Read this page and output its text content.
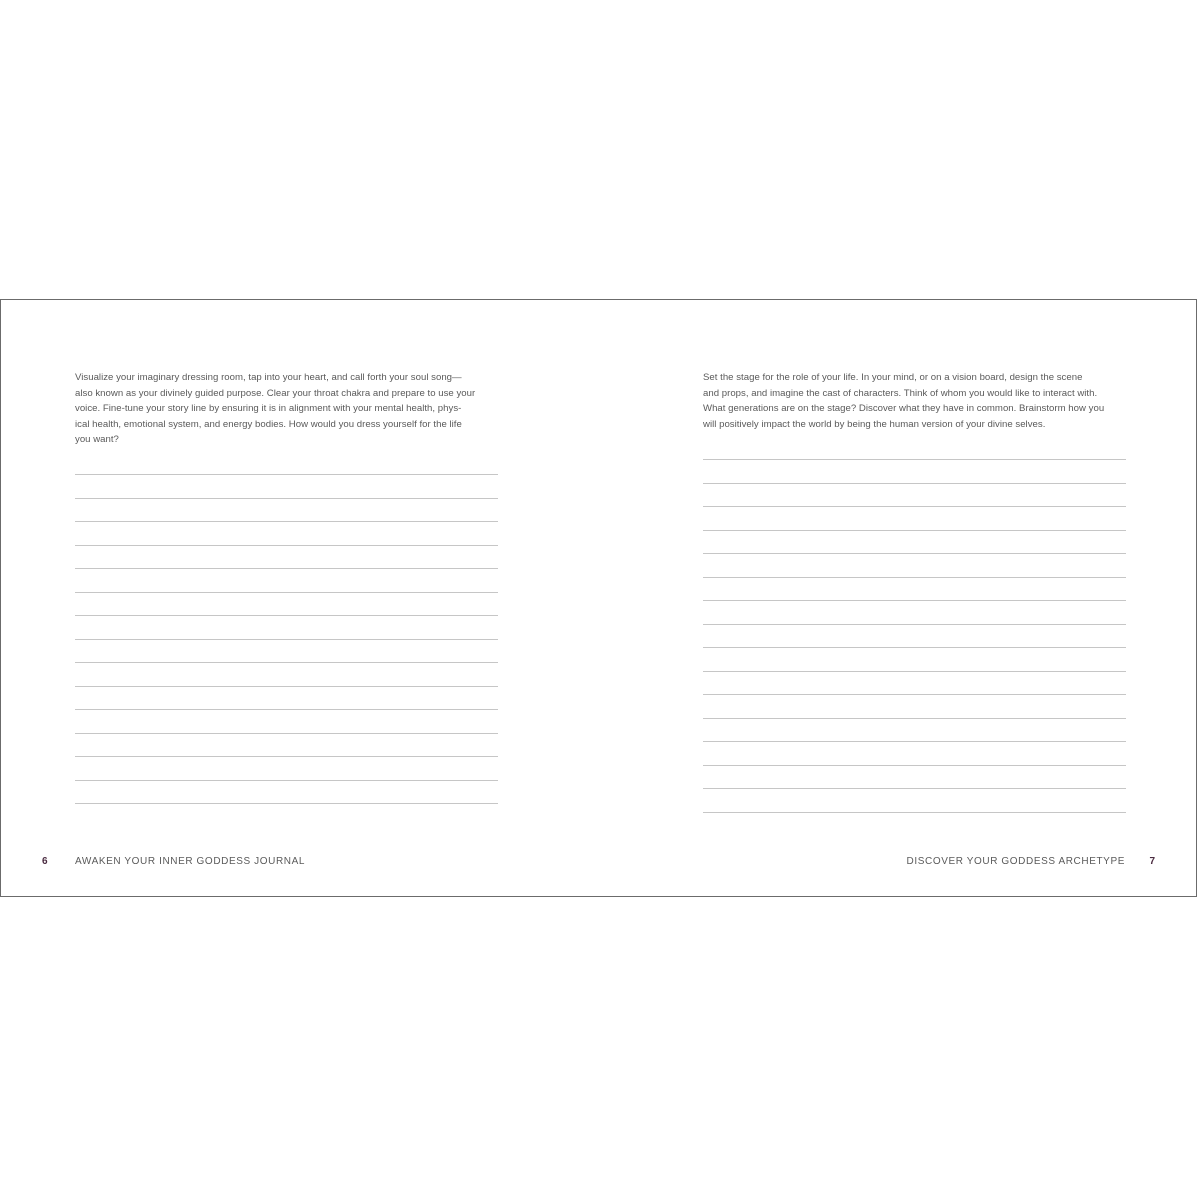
Visualize your imaginary dressing room, tap into your heart, and call forth your soul song—
also known as your divinely guided purpose. Clear your throat chakra and prepare to use your
voice. Fine-tune your story line by ensuring it is in alignment with your mental health, phys-
ical health, emotional system, and energy bodies. How would you dress yourself for the life
you want?

6	AWAKEN YOUR INNER GODDESS JOURNAL

Set the stage for the role of your life. In your mind, or on a vision board, design the scene
and props, and imagine the cast of characters. Think of whom you would like to interact with.
What generations are on the stage? Discover what they have in common. Brainstorm how you
will positively impact the world by being the human version of your divine selves.

DISCOVER YOUR GODDESS ARCHETYPE 7
